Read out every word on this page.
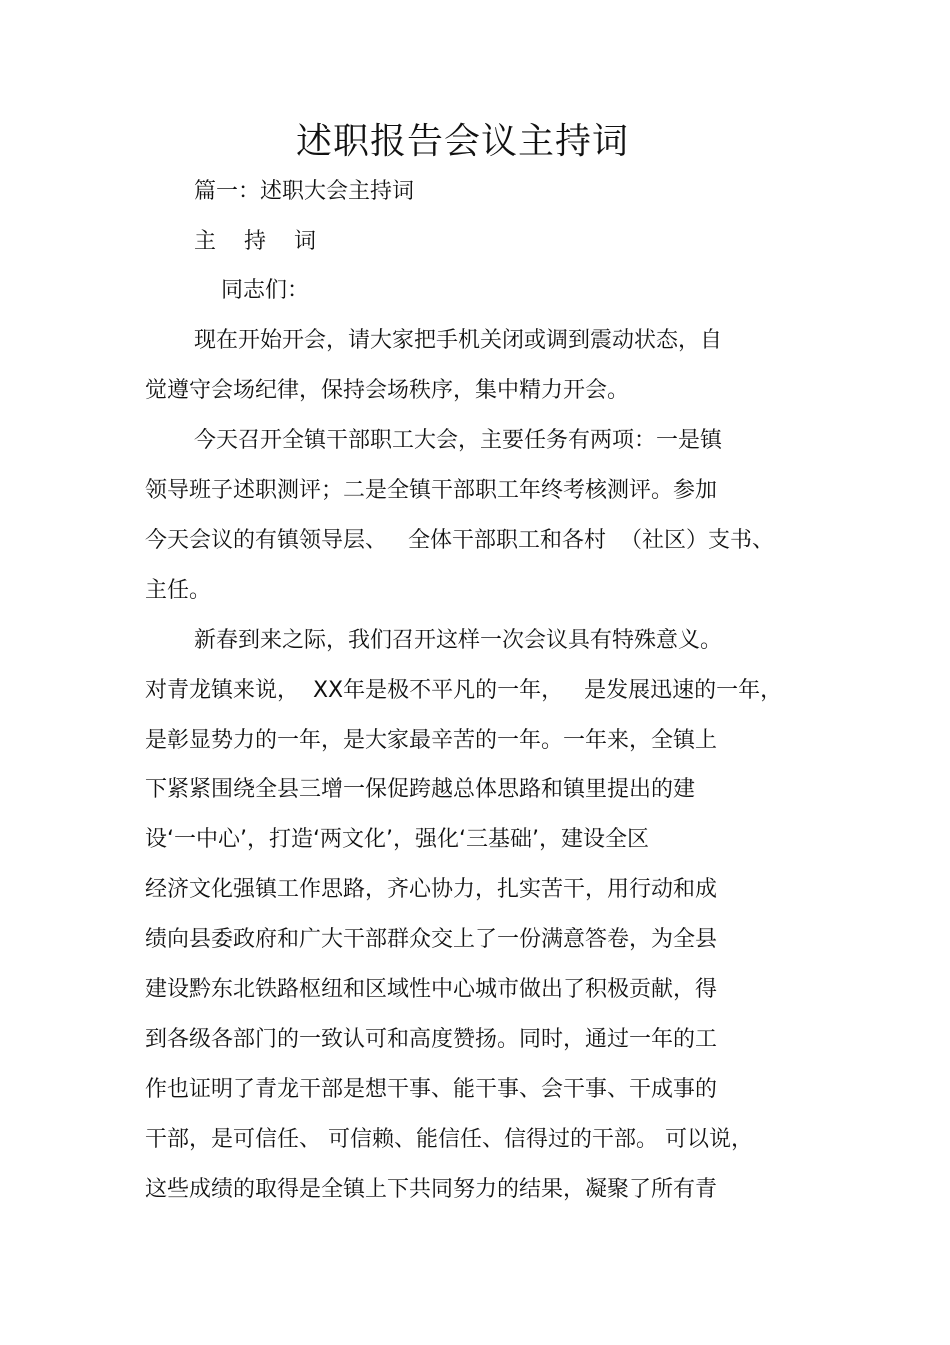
述职报告会议主持词
篇一：述职大会主持词
主    持    词
同志们：
现在开始开会，请大家把手机关闭或调到震动状态，自
觉遵守会场纪律，保持会场秩序，集中精力开会。
今天召开全镇干部职工大会，主要任务有两项：一是镇
领导班子述职测评；二是全镇干部职工年终考核测评。参加
今天会议的有镇领导层、   全体干部职工和各村  （社区）支书、
主任。
新春到来之际，我们召开这样一次会议具有特殊意义。
对青龙镇来说，  XX年是极不平凡的一年，   是发展迅速的一年，
是彰显势力的一年，是大家最辛苦的一年。一年来，全镇上
下紧紧围绕全县三增一保促跨越总体思路和镇里提出的建
设‘一中心’，打造‘两文化’，强化‘三基础’，建设全区
经济文化强镇工作思路，齐心协力，扎实苦干，用行动和成
绩向县委政府和广大干部群众交上了一份满意答卷，为全县
建设黔东北铁路枢纽和区域性中心城市做出了积极贡献，得
到各级各部门的一致认可和高度赞扬。同时，通过一年的工
作也证明了青龙干部是想干事、能干事、会干事、干成事的
干部，是可信任、 可信赖、能信任、信得过的干部。 可以说，
这些成绩的取得是全镇上下共同努力的结果，凝聚了所有青
